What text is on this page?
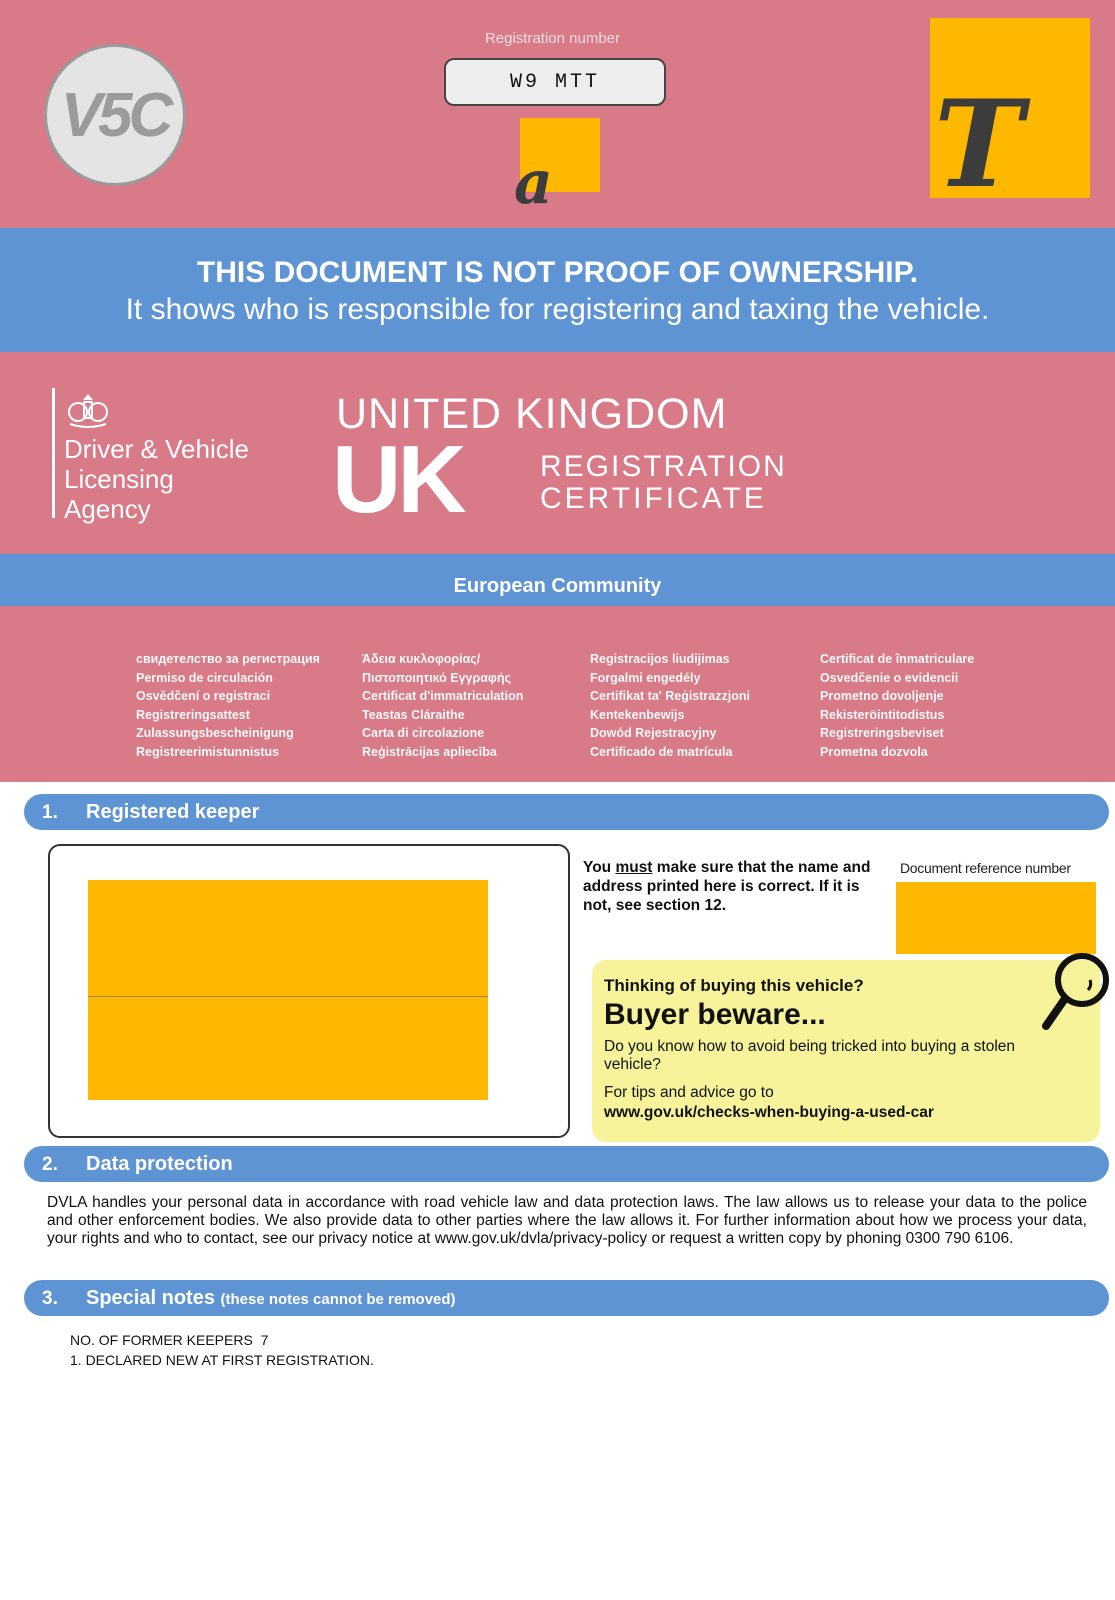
V5C
Registration number
W9 MTT
a	T
THIS DOCUMENT IS NOT PROOF OF OWNERSHIP.
It shows who is responsible for registering and taxing the vehicle.
Driver & Vehicle
Licensing
Agency
UNITED KINGDOM
UK	REGISTRATION
CERTIFICATE
European Community
свидетелство за регистрация
Permiso de circulación
Osvědčení o registraci
Registreringsattest
Zulassungsbescheinigung
Registreerimistunnistus
Άδεια κυκλοφορίας/
Πιστοποιητικό Εγγραφής
Certificat d'immatriculation
Teastas Cláraithe
Carta di circolazione
Reģistrācijas apliecība
Registracijos liudijimas
Forgalmi engedély
Certifikat ta' Reġistrazzjoni
Kentekenbewijs
Dowód Rejestracyjny
Certificado de matrícula
Certificat de înmatriculare
Osvedčenie o evidencii
Prometno dovoljenje
Rekisteröintitodistus
Registreringsbeviset
Prometna dozvola
1. Registered keeper
You must make sure that the name and address printed here is correct. If it is not, see section 12.
Document reference number
Thinking of buying this vehicle?
Buyer beware...
Do you know how to avoid being tricked into buying a stolen vehicle?
For tips and advice go to
www.gov.uk/checks-when-buying-a-used-car
2. Data protection
DVLA handles your personal data in accordance with road vehicle law and data protection laws. The law allows us to release your data to the police and other enforcement bodies. We also provide data to other parties where the law allows it. For further information about how we process your data, your rights and who to contact, see our privacy notice at www.gov.uk/dvla/privacy-policy or request a written copy by phoning 0300 790 6106.
3. Special notes (these notes cannot be removed)
NO. OF FORMER KEEPERS 7
1. DECLARED NEW AT FIRST REGISTRATION.
